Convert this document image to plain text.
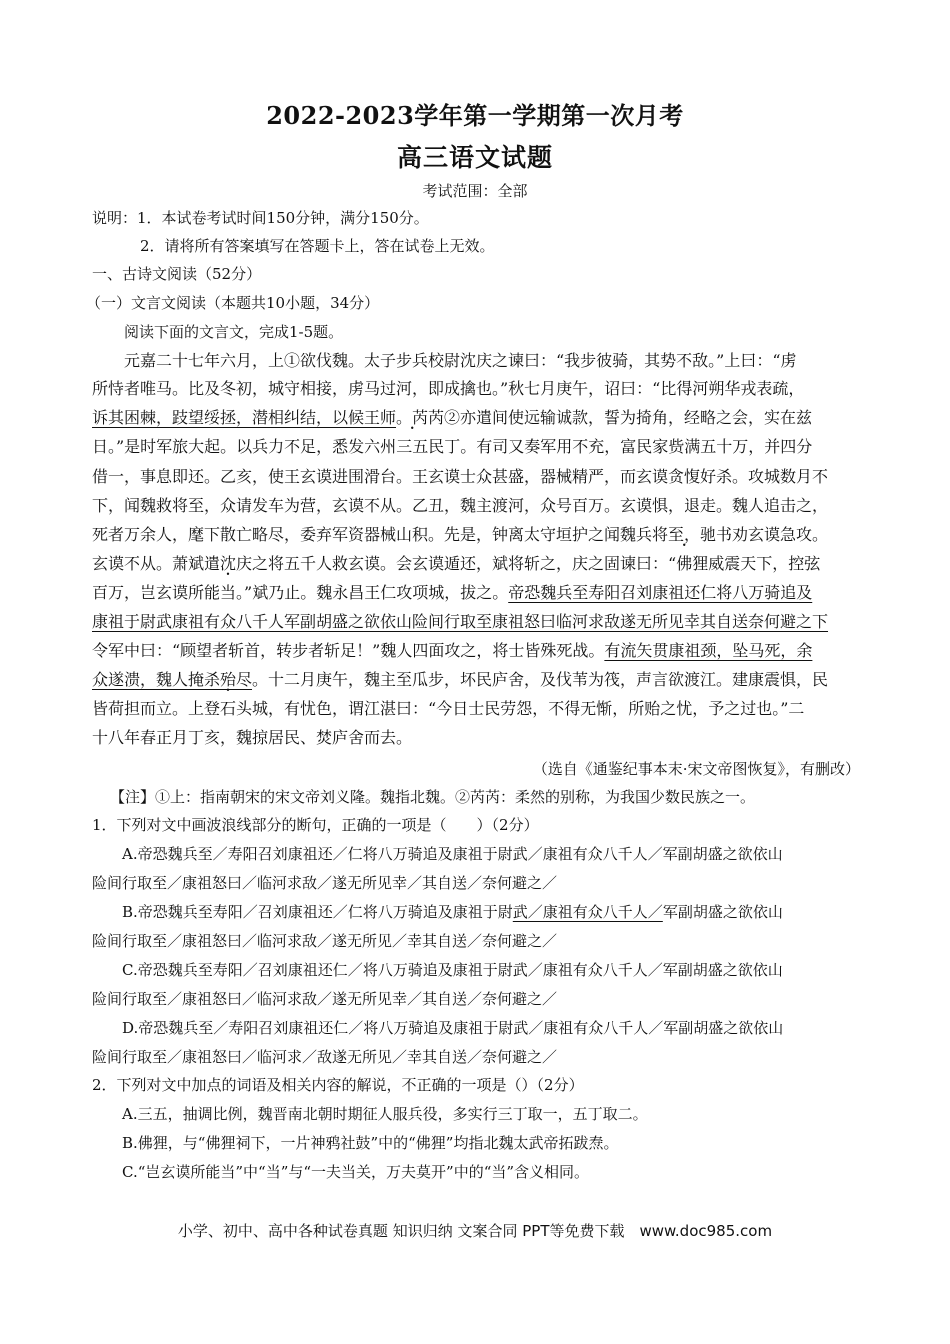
2022-2023学年第一学期第一次月考
高三语文试题
考试范围：全部
说明：1．本试卷考试时间150分钟，满分150分。
2．请将所有答案填写在答题卡上，答在试卷上无效。
一、古诗文阅读（52分）
（一）文言文阅读（本题共10小题，34分）
阅读下面的文言文，完成1-5题。
元嘉二十七年六月，上①欲伐魏。太子步兵校尉沈庆之谏曰：“我步彼骑，其势不敌。”上曰：“虏
所恃者唯马。比及冬初，城守相接，虏马过河，即成擒也。”秋七月庚午，诏曰：“比得河朔华戎表疏，
诉其困棘，跂望绥拯，潜相纠结，以候王师。芮芮②亦遣间使远输诚款，誓为掎角，经略之会，实在兹
日。”是时军旅大起。以兵力不足，悉发六州三五民丁。有司又奏军用不充，富民家赀满五十万，并四分
借一，事息即还。乙亥，使王玄谟进围滑台。王玄谟士众甚盛，器械精严，而玄谟贪愎好杀。攻城数月不
下，闻魏救将至，众请发车为营，玄谟不从。乙丑，魏主渡河，众号百万。玄谟惧，退走。魏人追击之，
死者万余人，麾下散亡略尽，委弃军资器械山积。先是，钟离太守垣护之闻魏兵将至，驰书劝玄谟急攻。
玄谟不从。萧斌遣沈庆之将五千人救玄谟。会玄谟遁还，斌将斩之，庆之固谏曰：“佛狸威震天下，控弦
百万，岂玄谟所能当。”斌乃止。魏永昌王仁攻项城，拔之。帝恐魏兵至寿阳召刘康祖还仁将八万骑追及
康祖于尉武康祖有众八千人军副胡盛之欲依山险间行取至康祖怒曰临河求敌遂无所见幸其自送奈何避之下
令军中曰：“顾望者斩首，转步者斩足！”魏人四面攻之，将士皆殊死战。有流矢贯康祖颈，坠马死，余
众遂溃，魏人掩杀殆尽。十二月庚午，魏主至瓜步，坏民庐舍，及伐苇为筏，声言欲渡江。建康震惧，民
皆荷担而立。上登石头城，有忧色，谓江湛曰：“今日士民劳怨，不得无惭，所贻之忧，予之过也。”二
十八年春正月丁亥，魏掠居民、焚庐舍而去。
（选自《通鉴纪事本末·宋文帝图恢复》，有删改）
【注】①上：指南朝宋的宋文帝刘义隆。魏指北魏。②芮芮：柔然的别称，为我国少数民族之一。
1．下列对文中画波浪线部分的断句，正确的一项是（　　）（2分）
A.帝恐魏兵至／寿阳召刘康祖还／仁将八万骑追及康祖于尉武／康祖有众八千人／军副胡盛之欲依山
险间行取至／康祖怒曰／临河求敌／遂无所见幸／其自送／奈何避之／
B.帝恐魏兵至寿阳／召刘康祖还／仁将八万骑追及康祖于尉武／康祖有众八千人／军副胡盛之欲依山
险间行取至／康祖怒曰／临河求敌／遂无所见／幸其自送／奈何避之／
C.帝恐魏兵至寿阳／召刘康祖还仁／将八万骑追及康祖于尉武／康祖有众八千人／军副胡盛之欲依山
险间行取至／康祖怒曰／临河求敌／遂无所见幸／其自送／奈何避之／
D.帝恐魏兵至／寿阳召刘康祖还仁／将八万骑追及康祖于尉武／康祖有众八千人／军副胡盛之欲依山
险间行取至／康祖怒曰／临河求／敌遂无所见／幸其自送／奈何避之／
2．下列对文中加点的词语及相关内容的解说，不正确的一项是（）（2分）
A.三五，抽调比例，魏晋南北朝时期征人服兵役，多实行三丁取一，五丁取二。
B.佛狸，与“佛狸祠下，一片神鸦社鼓”中的“佛狸”均指北魏太武帝拓跋焘。
C.“岂玄谟所能当”中“当”与“一夫当关，万夫莫开”中的“当”含义相同。
小学、初中、高中各种试卷真题 知识归纳 文案合同 PPT等免费下载　www.doc985.com
